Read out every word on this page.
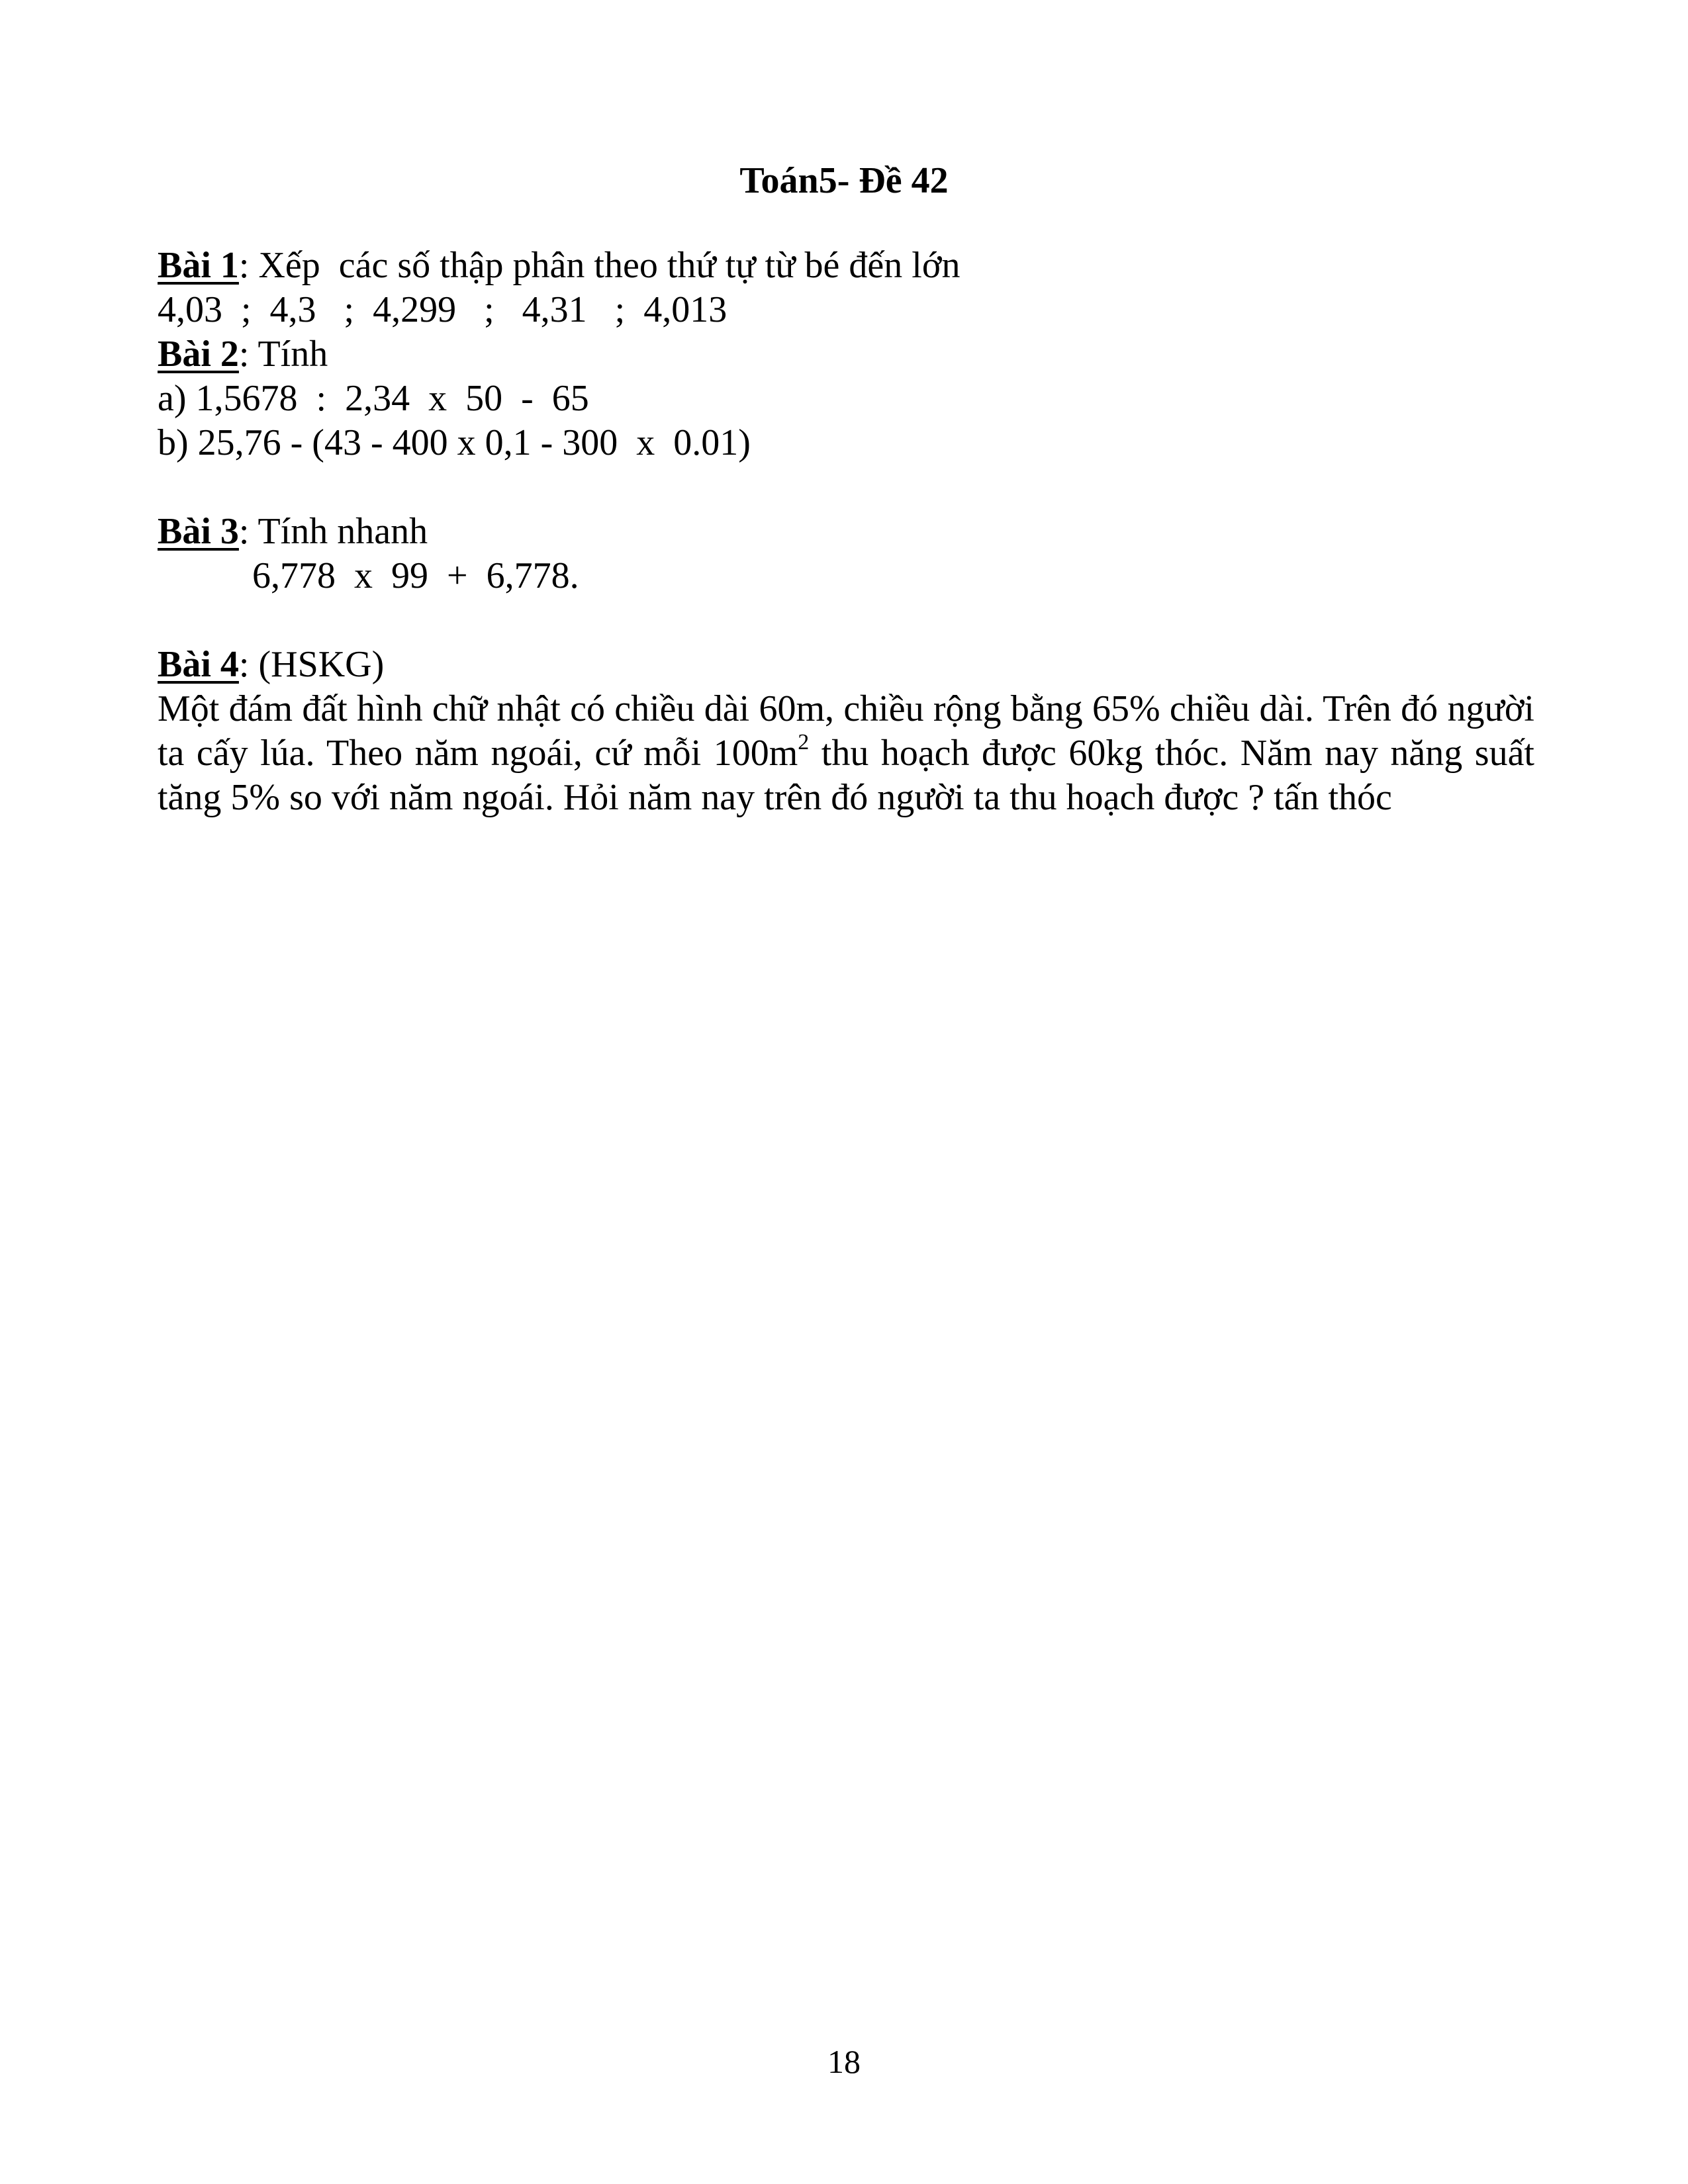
Toán5- Đề 42
Bài 1: Xếp  các số thập phân theo thứ tự từ bé đến lớn
4,03  ;  4,3   ;  4,299   ;   4,31   ;  4,013
Bài 2: Tính
a) 1,5678  :  2,34  x  50  -  65
b) 25,76 - (43 - 400 x 0,1 - 300  x  0.01)
Bài 3: Tính nhanh
6,778  x  99  +  6,778.
Bài 4: (HSKG)
Một đám đất hình chữ nhật có chiều dài 60m, chiều rộng bằng 65% chiều dài. Trên đó người ta cấy lúa. Theo năm ngoái, cứ mỗi $100m^2$ thu hoạch được 60kg thóc. Năm nay năng suất tăng 5% so với năm ngoái. Hỏi năm nay trên đó người ta thu hoạch được ? tấn thóc
18
